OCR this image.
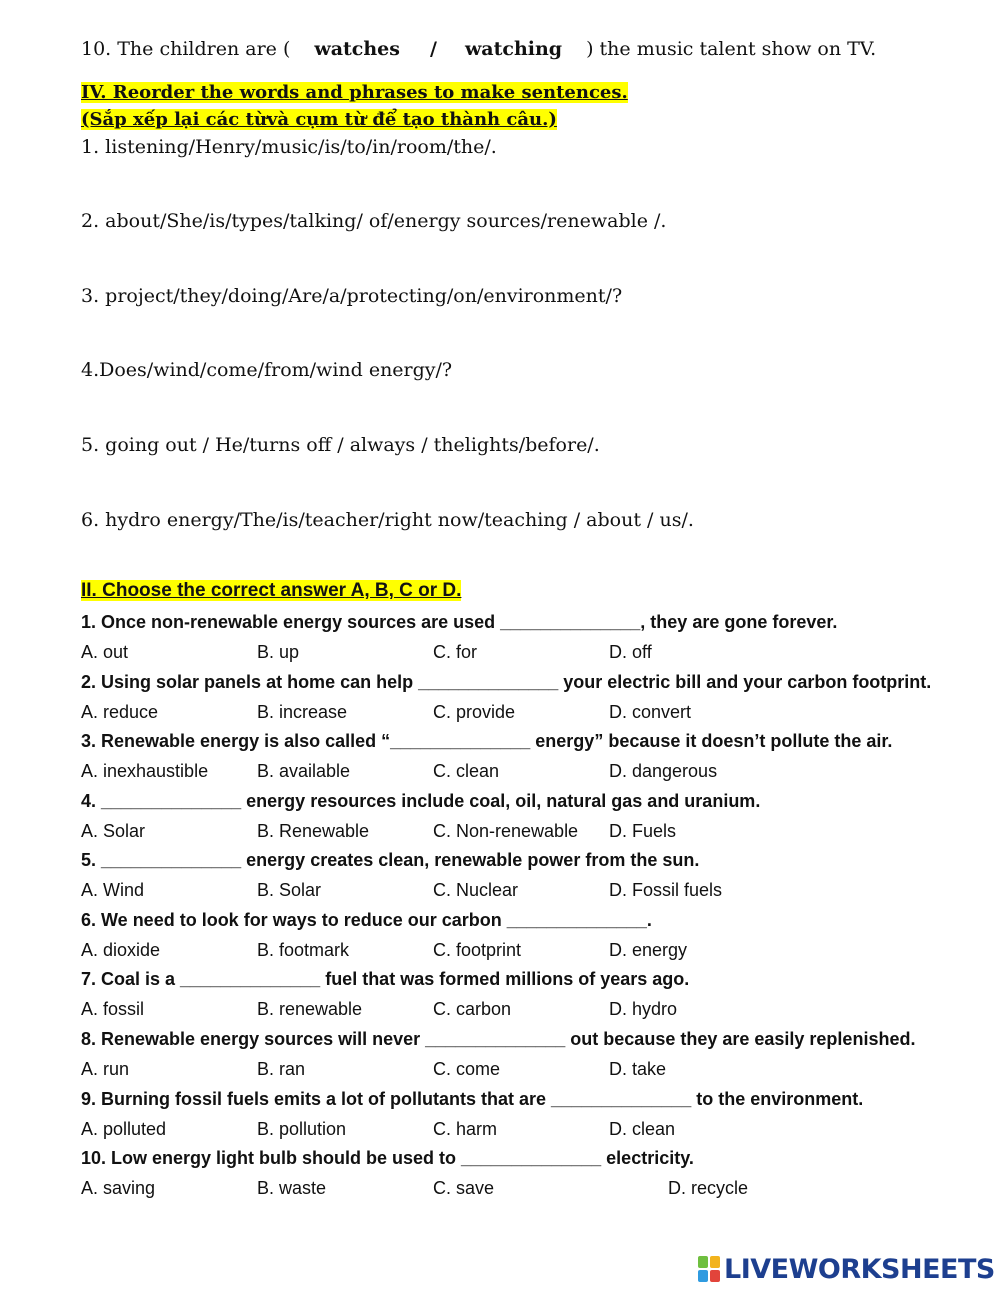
10. The children are ( watches / watching ) the music talent show on TV.
IV. Reorder the words and phrases to make sentences.
(Sắp xếp lại các từvà cụm từ để tạo thành câu.)
1. listening/Henry/music/is/to/in/room/the/.
2. about/She/is/types/talking/ of/energy sources/renewable /.
3. project/they/doing/Are/a/protecting/on/environment/?
4.Does/wind/come/from/wind energy/?
5. going out / He/turns off / always / thelights/before/.
6. hydro energy/The/is/teacher/right now/teaching / about / us/.
II. Choose the correct answer A, B, C or D.
1. Once non-renewable energy sources are used ______________, they are gone forever.
A. out	B. up	C. for	D. off
2. Using solar panels at home can help ______________ your electric bill and your carbon footprint.
A. reduce	B. increase	C. provide	D. convert
3. Renewable energy is also called “______________ energy” because it doesn’t pollute the air.
A. inexhaustible	B. available	C. clean	D. dangerous
4. ______________ energy resources include coal, oil, natural gas and uranium.
A. Solar	B. Renewable	C. Non-renewable D. Fuels
5. ______________ energy creates clean, renewable power from the sun.
A. Wind	B. Solar	C. Nuclear	D. Fossil fuels
6. We need to look for ways to reduce our carbon ______________.
A. dioxide	B. footmark	C. footprint	D. energy
7. Coal is a ______________ fuel that was formed millions of years ago.
A. fossil	B. renewable	C. carbon	D. hydro
8. Renewable energy sources will never ______________ out because they are easily replenished.
A. run	B. ran	C. come	D. take
9. Burning fossil fuels emits a lot of pollutants that are ______________ to the environment.
A. polluted	B. pollution	C. harm	D. clean
10. Low energy light bulb should be used to ______________ electricity.
A. saving	B. waste	C. save	D. recycle
LIVEWORKSHEETS
